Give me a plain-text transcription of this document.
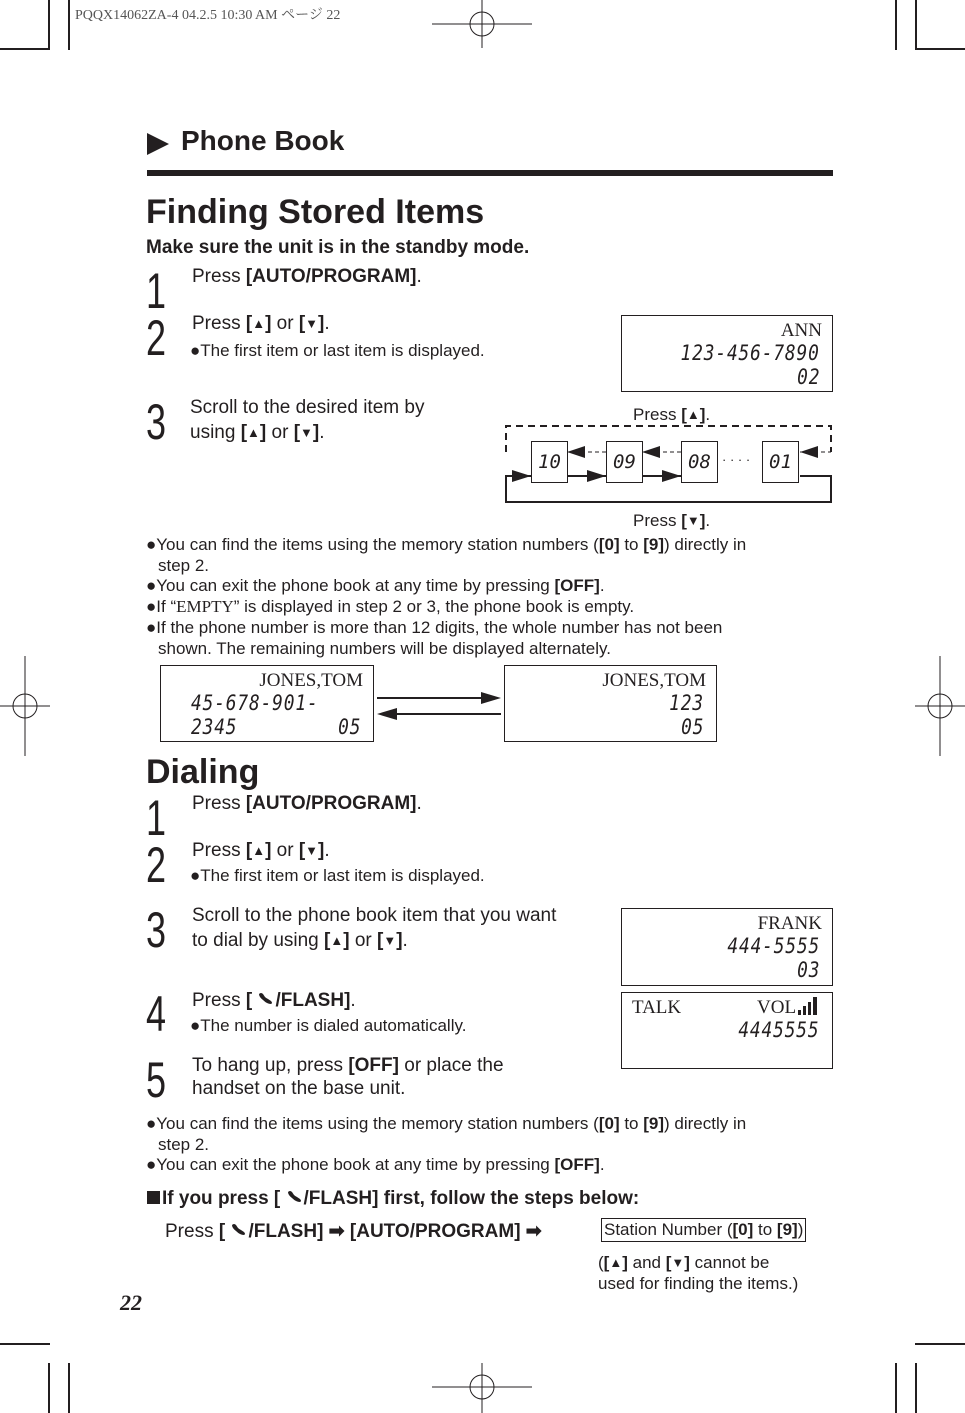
PQQX14062ZA-4 04.2.5 10:30 AM ページ 22
Phone Book
Finding Stored Items
Make sure the unit is in the standby mode.
1 Press [AUTO/PROGRAM].
2 Press [ ▲ ] or [ ▼ ].
●The first item or last item is displayed.
3 Scroll to the desired item by
using [ ▲ ] or [ ▼ ].
ANN
123-456-7890
02
Press [ ▲ ].
10	09	08 · · · · 01
Press [ ▼ ].
●You can find the items using the memory station numbers ([0] to [9]) directly in
step 2.
●You can exit the phone book at any time by pressing [OFF].
●If “EMPTY” is displayed in step 2 or 3, the phone book is empty.
●If the phone number is more than 12 digits, the whole number has not been
shown. The remaining numbers will be displayed alternately.
JONES,TOM
45-678-901-2345	05
JONES,TOM
123
05
Dialing
1 Press [AUTO/PROGRAM].
2 Press [ ▲ ] or [ ▼ ].
●The first item or last item is displayed.
3 Scroll to the phone book item that you want
to dial by using [ ▲ ] or [ ▼ ].
4 Press [ /FLASH].
●The number is dialed automatically.
5 To hang up, press [OFF] or place the
handset on the base unit.
FRANK
444-5555
03
TALK	VOL
4445555
●You can find the items using the memory station numbers ([0] to [9]) directly in
step 2.
●You can exit the phone book at any time by pressing [OFF].
If you press [ /FLASH] first, follow the steps below:
Press [ /FLASH] ➡ [AUTO/PROGRAM] ➡	Station Number ([0] to [9])
([ ▲ ] and [ ▼ ] cannot be
used for finding the items.)
22
